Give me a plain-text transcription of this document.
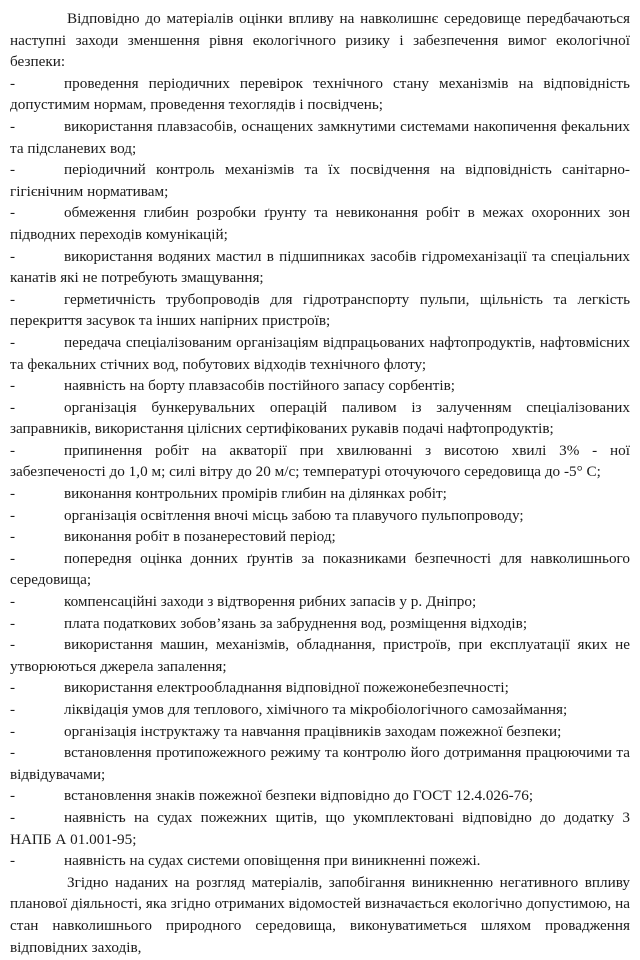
Відповідно до матеріалів оцінки впливу на навколишнє середовище передбачаються наступні заходи зменшення рівня екологічного ризику і забезпечення вимог екологічної безпеки:

-	проведення періодичних перевірок технічного стану механізмів на відповідність допустимим нормам, проведення техоглядів і посвідчень;
-	використання плавзасобів, оснащених замкнутими системами накопичення фекальних та підсланевих вод;
-	періодичний контроль механізмів та їх посвідчення на відповідність санітарно-гігієнічним нормативам;
-	обмеження глибин розробки ґрунту та невиконання робіт в межах охоронних зон підводних переходів комунікацій;
-	використання водяних мастил в підшипниках засобів гідромеханізації та спеціальних канатів які не потребують змащування;
-	герметичність трубопроводів для гідротранспорту пульпи, щільність та легкість перекриття засувок та інших напірних пристроїв;
-	передача спеціалізованим організаціям відпрацьованих нафтопродуктів, нафтовмісних та фекальних стічних вод, побутових відходів технічного флоту;
-	наявність на борту плавзасобів постійного запасу сорбентів;
-	організація бункерувальних операцій паливом із залученням спеціалізованих заправників, використання цілісних сертифікованих рукавів подачі нафтопродуктів;
-	припинення робіт на акваторії при хвилюванні з висотою хвилі 3% - ної забезпеченості до 1,0 м; силі вітру до 20 м/с; температурі оточуючого середовища до -5° С;
-	виконання контрольних промірів глибин на ділянках робіт;
-	організація освітлення вночі місць забою та плавучого пульпопроводу;
-	виконання робіт в позанерестовий період;
-	попередня оцінка донних ґрунтів за показниками безпечності для навколишнього середовища;
-	компенсаційні заходи з відтворення рибних запасів у р. Дніпро;
-	плата податкових зобов’язань за забруднення вод, розміщення відходів;
-	використання машин, механізмів, обладнання, пристроїв, при експлуатації яких не утворюються джерела запалення;
-	використання електрообладнання відповідної пожежонебезпечності;
-	ліквідація умов для теплового, хімічного та мікробіологічного самозаймання;
-	організація інструктажу та навчання працівників заходам пожежної безпеки;
-	встановлення протипожежного режиму та контролю його дотримання працюючими та відвідувачами;
-	встановлення знаків пожежної безпеки відповідно до ГОСТ 12.4.026-76;
-	наявність на судах пожежних щитів, що укомплектовані відповідно до додатку 3 НАПБ А 01.001-95;
-	наявність на судах системи оповіщення при виникненні пожежі.

Згідно наданих на розгляд матеріалів, запобігання виникненню негативного впливу планової діяльності, яка згідно отриманих відомостей визначається екологічно допустимою, на стан навколишнього природного середовища, виконуватиметься шляхом провадження відповідних заходів,
